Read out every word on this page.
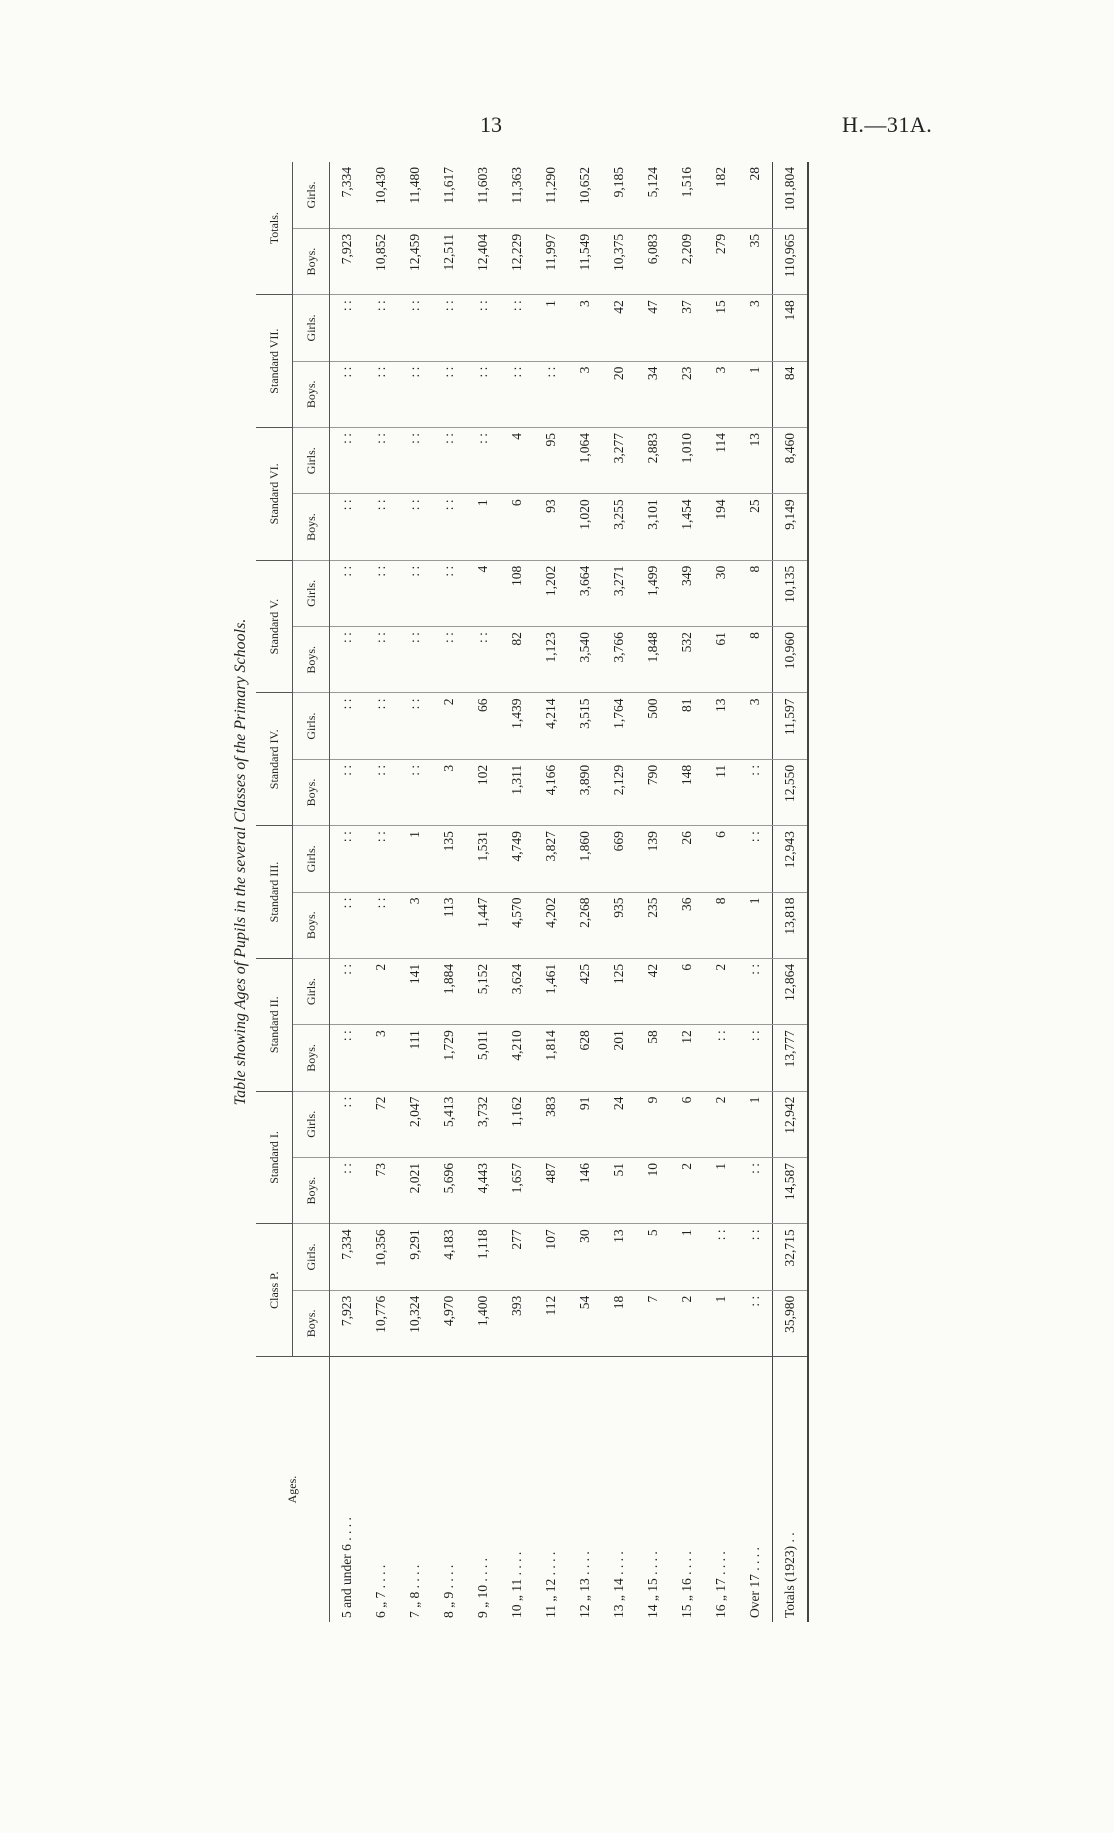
13	H.—31A.
Table showing Ages of Pupils in the several Classes of the Primary Schools.
Ages.	Class P.		Standard I.		Standard II.		Standard III.		Standard IV.		Standard V.		Standard VI.		Standard VII.		Totals.	
	Boys.	Girls.	Boys.	Girls.	Boys.	Girls.	Boys.	Girls.	Boys.	Girls.	Boys.	Girls.	Boys.	Girls.	Boys.	Girls.	Boys.	Girls.
5 and under 6 . . . .	7,923	7,334	: :	: :	: :	: :	: :	: :	: :	: :	: :	: :	: :	: :	: :	: :	7,923	7,334
6 „ 7 . . . .	10,776	10,356	73	72	3	2	: :	: :	: :	: :	: :	: :	: :	: :	: :	: :	10,852	10,430
7 „ 8 . . . .	10,324	9,291	2,021	2,047	111	141	3	1	: :	: :	: :	: :	: :	: :	: :	: :	12,459	11,480
8 „ 9 . . . .	4,970	4,183	5,696	5,413	1,729	1,884	113	135	3	2	: :	: :	: :	: :	: :	: :	12,511	11,617
9 „ 10 . . . .	1,400	1,118	4,443	3,732	5,011	5,152	1,447	1,531	102	66	: :	4	1	: :	: :	: :	12,404	11,603
10 „ 11 . . . .	393	277	1,657	1,162	4,210	3,624	4,570	4,749	1,311	1,439	82	108	6	4	: :	: :	12,229	11,363
11 „ 12 . . . .	112	107	487	383	1,814	1,461	4,202	3,827	4,166	4,214	1,123	1,202	93	95	: :	1	11,997	11,290
12 „ 13 . . . .	54	30	146	91	628	425	2,268	1,860	3,890	3,515	3,540	3,664	1,020	1,064	3	3	11,549	10,652
13 „ 14 . . . .	18	13	51	24	201	125	935	669	2,129	1,764	3,766	3,271	3,255	3,277	20	42	10,375	9,185
14 „ 15 . . . .	7	5	10	9	58	42	235	139	790	500	1,848	1,499	3,101	2,883	34	47	6,083	5,124
15 „ 16 . . . .	2	1	2	6	12	6	36	26	148	81	532	349	1,454	1,010	23	37	2,209	1,516
16 „ 17 . . . .	1	: :	1	2	: :	2	8	6	11	13	61	30	194	114	3	15	279	182
Over 17 . . . .	: :	: :	: :	1	: :	: :	1	: :	: :	3	8	8	25	13	1	3	35	28
Totals (1923) . .	35,980	32,715	14,587	12,942	13,777	12,864	13,818	12,943	12,550	11,597	10,960	10,135	9,149	8,460	84	148	110,965	101,804
